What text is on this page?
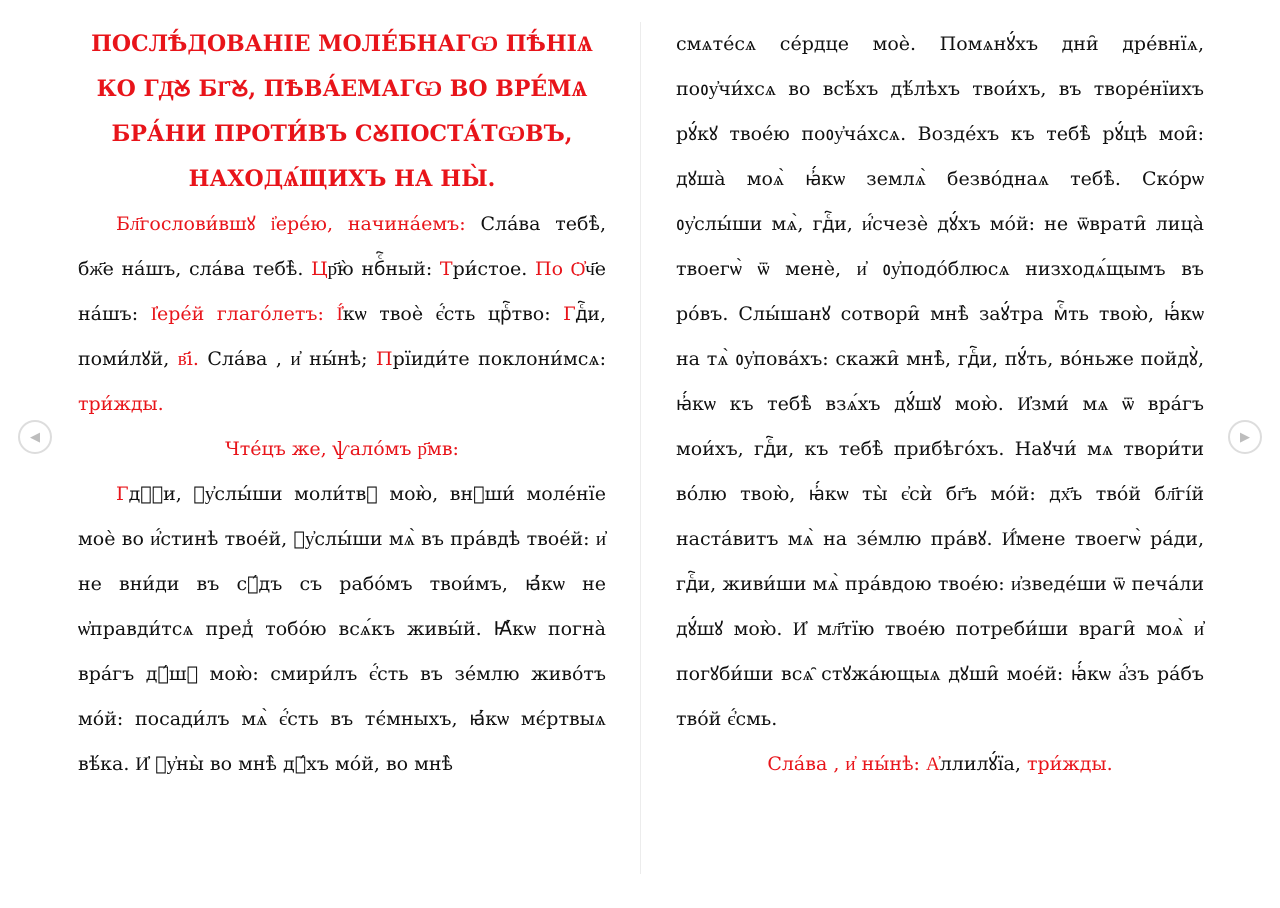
ПОСЛѢ́ДОВАНІЕ МОЛЕ́БНАГѠ ПѢ́НІѦ КО ГД҇Ꙋ БГ҇Ꙋ, ПѢВА́ЕМАГѠ ВО ВРЕ́МѦ БРА́НИ ПРОТИ́ВЪ СꙊПОСТА́ТѠВЪ, НАХОДѦ́ЩИХЪ НА НЫ̀.

Бл҃гослови́вшꙋ і҆ере́ю, начина́емъ: Сла́ва тебѣ̀, бж҃е на́шъ, сла́ва тебѣ̀. Цр҃ю̀ нбⷭ҇ный: Три́стое. По Ѻ҆ч҃е на́шъ: І҆ере́й глаго́летъ: І҆́кѡ твоѐ є҆́сть црⷭ҇тво: Гдⷭ҇и, поми́лꙋй, в҃і. Сла́ва , и҆ ны́нѣ; Прїиди́те поклони́мсѧ: три́жды.

Чте́цъ же, ѱало́мъ р҃мв:

Гдⷭ҇и, ᲂу҆слы́ши моли́твꙋ мою̀, внꙋши́ моле́нїе моѐ во и҆́стинѣ твое́й, ᲂу҆слы́ши мѧ̀ въ пра́вдѣ твое́й: и҆ не вни́ди въ сꙋ́дъ съ рабо́мъ твои́мъ, ꙗ҆́кѡ не ѡ҆правди́тсѧ пред̾ тобо́ю всѧ́къ живы́й. Ꙗ҆́кѡ погна̀ вра́гъ дꙋ́шꙋ мою̀: смири́лъ є҆́сть въ зе́млю живо́тъ мо́й: посади́лъ мѧ̀ є҆́сть въ тє́мныхъ, ꙗ҆́кѡ мє́ртвыѧ вѣ́ка. И҆ ᲂу҆ны̀ во мнѣ̀ дꙋ́хъ мо́й, во мнѣ̀

смѧте́сѧ се́рдце моѐ. Помѧнꙋ́хъ дни̑ дре́внїѧ, поᲂу҆чи́хсѧ во всѣ́хъ дѣ́лѣхъ твои́хъ, въ творе́нїихъ рꙋ́кꙋ твое́ю поᲂу҆ча́хсѧ. Возде́хъ къ тебѣ̀ рꙋ́цѣ мои̑: дꙋша̀ моѧ̀ ꙗ҆́кѡ землѧ̀ безво́днаѧ тебѣ̀. Ско́рѡ ᲂу҆слы́ши мѧ̀, гдⷭ҇и, и҆́счезѐ дꙋ́хъ мо́й: не ѿврати̑ лица̀ твоегѡ̀ ѿ менѐ, и҆ ᲂу҆подо́блюсѧ низходѧ́щымъ въ ро́въ. Слы́шанꙋ сотвори̑ мнѣ̀ заꙋ́тра мⷭ҇ть твою̀, ꙗ҆́кѡ на тѧ̀ ᲂу҆пова́хъ: скажи̑ мнѣ̀, гдⷭ҇и, пꙋ́ть, во́ньже пойдꙋ̀, ꙗ҆́кѡ къ тебѣ̀ взѧ́хъ дꙋ́шꙋ мою̀. И҆зми́ мѧ ѿ вра́гъ мои́хъ, гдⷭ҇и, къ тебѣ̀ прибѣго́хъ. Наꙋчи́ мѧ твори́ти во́лю твою̀, ꙗ҆́кѡ ты̀ є҆сѝ бг҃ъ мо́й: дх҃ъ тво́й бл҃гі́й наста́витъ мѧ̀ на зе́млю пра́вꙋ. И҆́мене твоегѡ̀ ра́ди, гдⷭ҇и, живи́ши мѧ̀ пра́вдою твое́ю: и҆зведе́ши ѿ печа́ли дꙋ́шꙋ мою̀. И҆ мл҃тїю твое́ю потреби́ши враги̑ моѧ̀ и҆ погꙋби́ши всѧ̑ стꙋжа́ющыѧ дꙋши̑ мое́й: ꙗ҆́кѡ а҆́зъ ра́бъ тво́й є҆́смь.

Сла́ва , и҆ ны́нѣ: А҆ллилꙋ́їа, три́жды.

◀	▶
